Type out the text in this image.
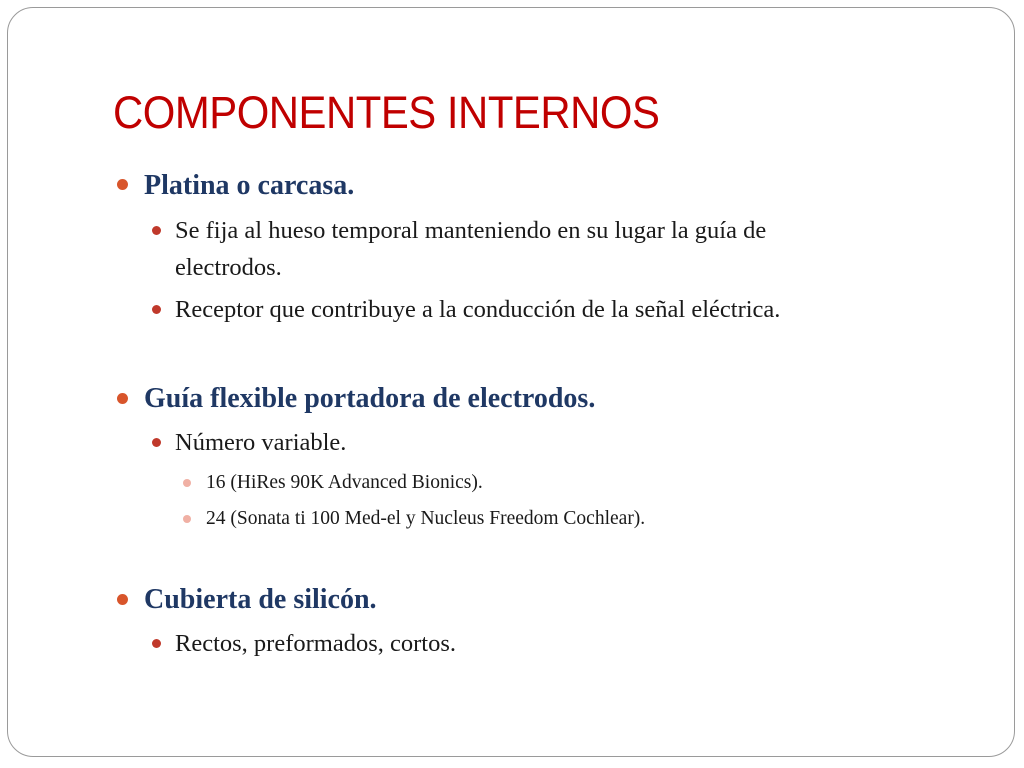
COMPONENTES INTERNOS
Platina o carcasa.
Se fija al hueso temporal manteniendo en su lugar la guía de
electrodos.
Receptor que contribuye a la conducción de la señal eléctrica.
Guía flexible portadora de electrodos.
Número variable.
16 (HiRes 90K Advanced Bionics).
24 (Sonata ti 100 Med-el y Nucleus Freedom Cochlear).
Cubierta de silicón.
Rectos, preformados, cortos.
